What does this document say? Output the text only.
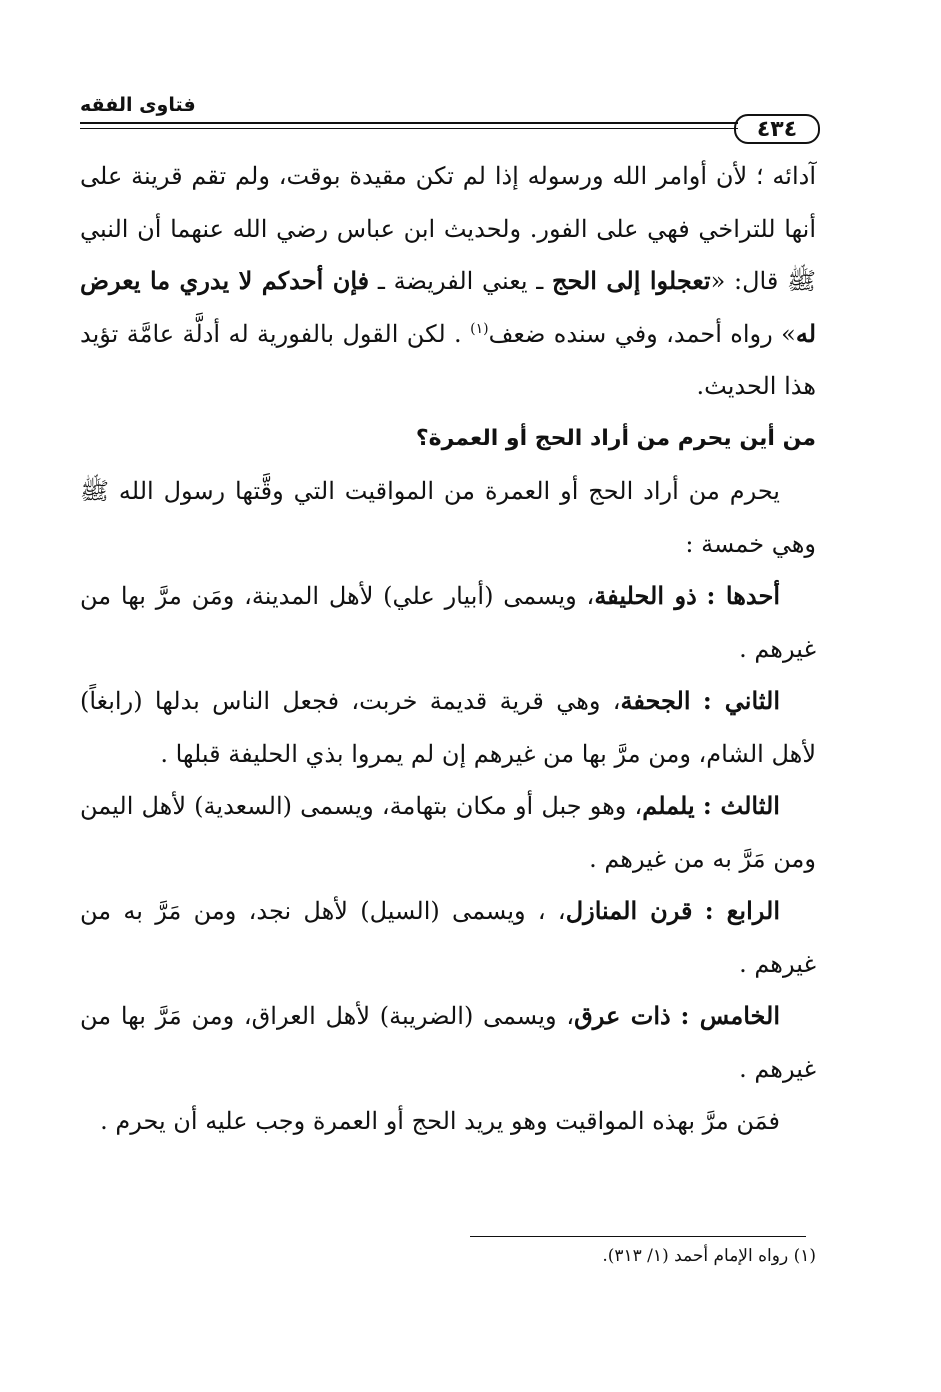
فتاوى الفقه
٤٣٤

آدائه ؛ لأن أوامر الله ورسوله إذا لم تكن مقيدة بوقت، ولم تقم قرينة على أنها للتراخي فهي على الفور. ولحديث ابن عباس رضي الله عنهما أن النبي ﷺ قال: «تعجلوا إلى الحج ـ يعني الفريضة ـ فإن أحدكم لا يدري ما يعرض له» رواه أحمد، وفي سنده ضعف$^{(١)}$ . لكن القول بالفورية له أدلَّة عامَّة تؤيد هذا الحديث.

من أين يحرم من أراد الحج أو العمرة؟

يحرم من أراد الحج أو العمرة من المواقيت التي وقَّتها رسول الله ﷺ وهي خمسة :

أحدها : ذو الحليفة، ويسمى (أبيار علي) لأهل المدينة، ومَن مرَّ بها من غيرهم .

الثاني : الجحفة، وهي قرية قديمة خربت، فجعل الناس بدلها (رابغاً) لأهل الشام، ومن مرَّ بها من غيرهم إن لم يمروا بذي الحليفة قبلها .

الثالث : يلملم، وهو جبل أو مكان بتهامة، ويسمى (السعدية) لأهل اليمن ومن مَرَّ به من غيرهم .

الرابع : قرن المنازل، ، ويسمى (السيل) لأهل نجد، ومن مَرَّ به من غيرهم .

الخامس : ذات عرق، ويسمى (الضريبة) لأهل العراق، ومن مَرَّ بها من غيرهم .

فمَن مرَّ بهذه المواقيت وهو يريد الحج أو العمرة وجب عليه أن يحرم .

(١) رواه الإمام أحمد (١/ ٣١٣).
